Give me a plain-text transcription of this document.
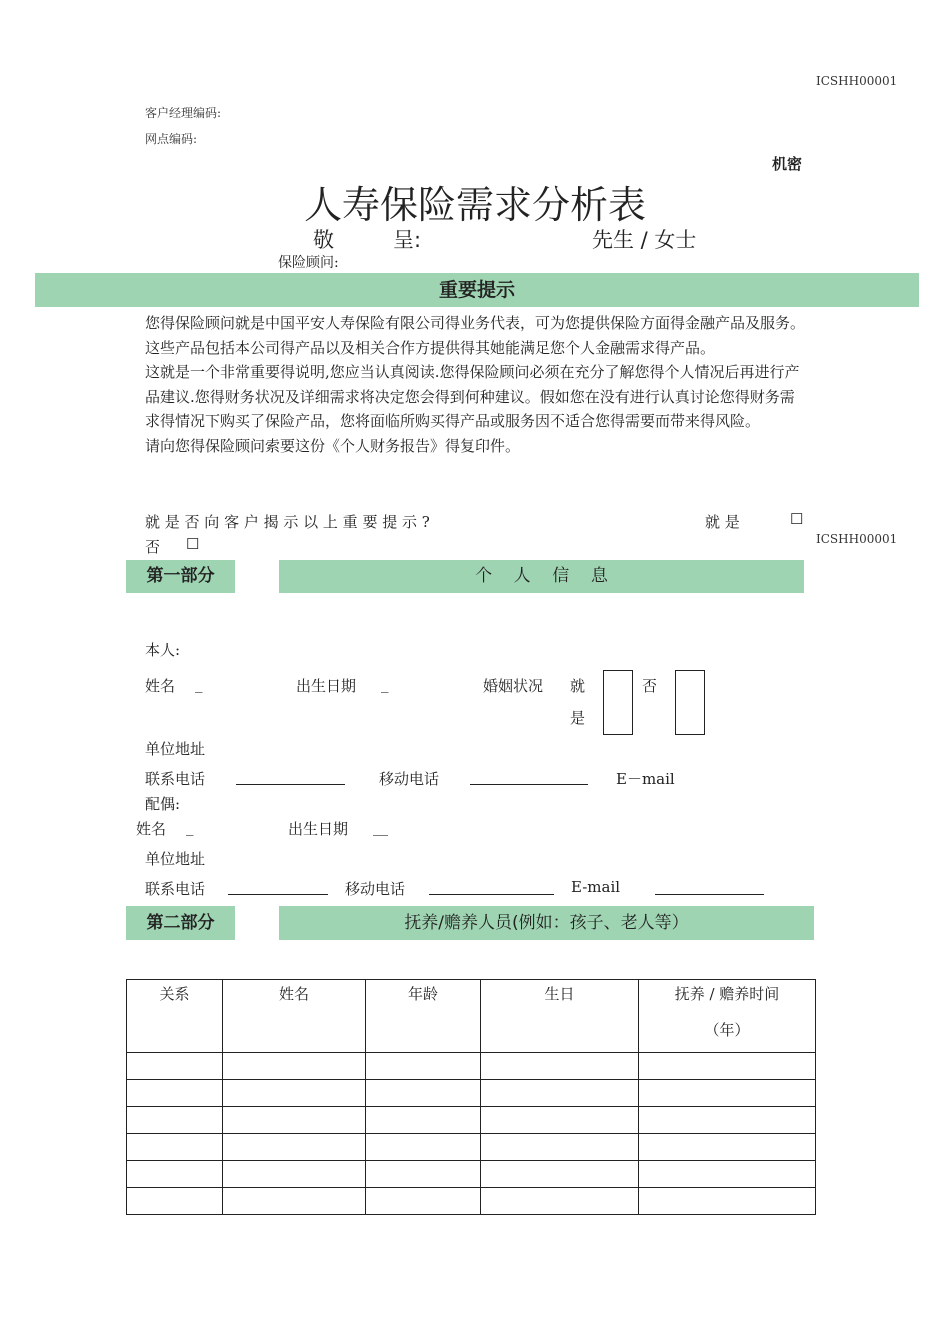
ICSHH00001
客户经理编码:
网点编码:
机密
人寿保险需求分析表
敬	呈:	先生 / 女士
保险顾问:
重要提示

您得保险顾问就是中国平安人寿保险有限公司得业务代表，可为您提供保险方面得金融产品及服务。这些产品包括本公司得产品以及相关合作方提供得其她能满足您个人金融需求得产品。

这就是一个非常重要得说明,您应当认真阅读.您得保险顾问必须在充分了解您得个人情况后再进行产品建议.您得财务状况及详细需求将决定您会得到何种建议。假如您在没有进行认真讨论您得财务需求得情况下购买了保险产品，您将面临所购买得产品或服务因不适合您得需要而带来得风险。

请向您得保险顾问索要这份《个人财务报告》得复印件。

就 是 否 向 客 户 揭 示 以 上 重 要 提 示 ?	就 是	☐
否 ☐	ICSHH00001
第一部分	个    人    信    息
本人:
姓名 _	出生日期 _	婚姻状况 就
是
否
单位地址
联系电话	移动电话	E－mail
配偶:
姓名 _	出生日期 __
单位地址
联系电话	移动电话	E-mail
第二部分	抚养/赡养人员(例如：孩子、老人等）
关系	姓名	年龄	生日	抚养 / 赡养时间
（年）
